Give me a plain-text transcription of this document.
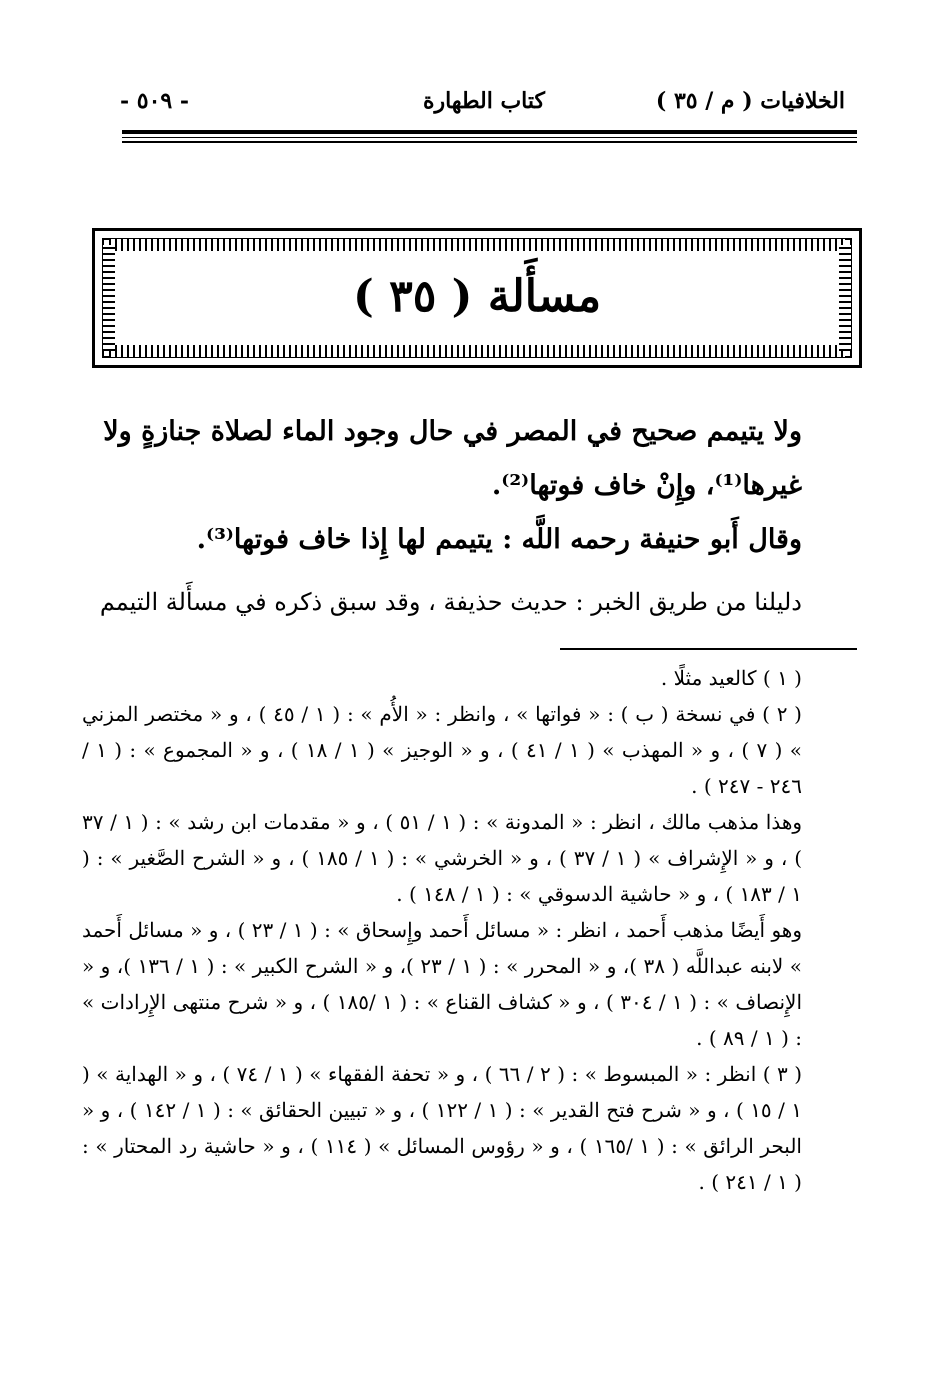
الخلافيات ( م / ٣٥ )
كتاب الطهارة
- ٥٠٩ -
مسأَلة ( ٣٥ )

ولا يتيمم صحيح في المصر في حال وجود الماء لصلاة جنازةٍ ولا

غيرها⁽¹⁾، وإِنْ خاف فوتها⁽²⁾.

وقال أَبو حنيفة رحمه اللَّه : يتيمم لها إِذا خاف فوتها⁽³⁾.

دليلنا من طريق الخبر : حديث حذيفة ، وقد سبق ذكره في مسأَلة التيمم

( ١ ) كالعيد مثلًا .

( ٢ ) في نسخة ( ب ) : « فواتها » ، وانظر : « الأُم » : ( ١ / ٤٥ ) ، و « مختصر المزني » ( ٧ ) ، و « المهذب » ( ١ / ٤١ ) ، و « الوجيز » ( ١ / ١٨ ) ، و « المجموع » : ( ١ / ٢٤٦ - ٢٤٧ ) .

وهذا مذهب مالك ، انظر : « المدونة » : ( ١ / ٥١ ) ، و « مقدمات ابن رشد » : ( ١ / ٣٧ ) ، و « الإِشراف » ( ١ / ٣٧ ) ، و « الخرشي » : ( ١ / ١٨٥ ) ، و « الشرح الصَّغير » : ( ١ / ١٨٣ ) ، و « حاشية الدسوقي » : ( ١ / ١٤٨ ) .

وهو أَيضًا مذهب أَحمد ، انظر : « مسائل أَحمد وإِسحاق » : ( ١ / ٢٣ ) ، و « مسائل أَحمد » لابنه عبداللَّه ( ٣٨ )، و « المحرر » : ( ١ / ٢٣ )، و « الشرح الكبير » : ( ١ / ١٣٦ )، و « الإِنصاف » : ( ١ / ٣٠٤ ) ، و « كشاف القناع » : ( ١ /١٨٥ ) ، و « شرح منتهى الإِرادات » : ( ١ / ٨٩ ) .

( ٣ ) انظر : « المبسوط » : ( ٢ / ٦٦ ) ، و « تحفة الفقهاء » ( ١ / ٧٤ ) ، و « الهداية » ( ١ / ١٥ ) ، و « شرح فتح القدير » : ( ١ / ١٢٢ ) ، و « تبيين الحقائق » : ( ١ / ١٤٢ ) ، و « البحر الرائق » : ( ١ /١٦٥ ) ، و « رؤوس المسائل » ( ١١٤ ) ، و « حاشية رد المحتار » : ( ١ / ٢٤١ ) .
